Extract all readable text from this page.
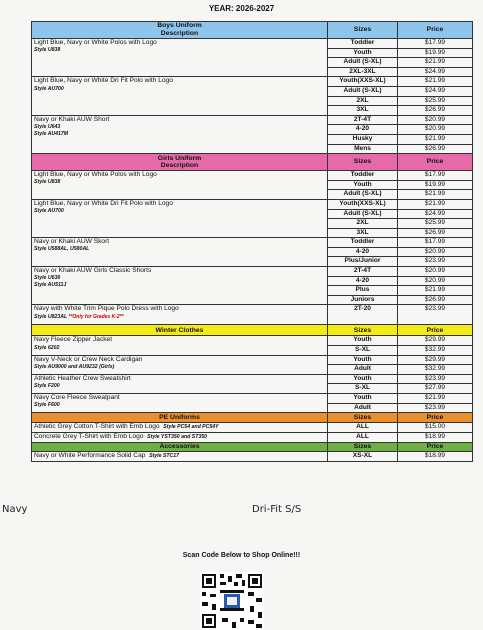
YEAR: 2026-2027
Boys Uniform
Description	Sizes	Price
Light Blue, Navy or White Polos with Logo
Style U838	Toddler	$17.99
	Youth	$19.99
	Adult (S-XL)	$21.99
	2XL-3XL	$24.99
Light Blue, Navy or White Dri Fit Polo with Logo
Style AU700	Youth(XXS-XL)	$21.99
	Adult (S-XL)	$24.99
	2XL	$25.99
	3XL	$26.99
Navy or Khaki AUW Short
Style U643
Style AU417M	2T-4T	$20.99
	4-20	$20.99
	Husky	$21.99
	Mens	$26.99
Girls Uniform
Description	Sizes	Price
Light Blue, Navy or White Polos with Logo
Style U838	Toddler	$17.99
	Youth	$19.99
	Adult (S-XL)	$21.99
Light Blue, Navy or White Dri Fit Polo with Logo
Style AU700	Youth(XXS-XL)	$21.99
	Adult (S-XL)	$24.99
	2XL	$25.99
	3XL	$26.99
Navy or Khaki AUW Skort
Style U588AL, U580AL	Toddler	$17.99
	4-20	$20.99
	Plus/Junior	$23.99
Navy or Khaki AUW Girls Classic Shorts
Style U636
Style AU511J	2T-4T	$20.99
	4-20	$20.99
	Plus	$21.99
	Juniors	$26.99
Navy with White Trim Pique Polo Dress with Logo
Style U823AL **Only for Grades K-2**	2T-20	$23.99
Winter Clothes	Sizes	Price
Navy Fleece Zipper Jacket
Style 6202	Youth	$29.99
	S-XL	$32.99
Navy V-Neck or Crew Neck Cardigan
Style AU9000 and AU9232 (Girls)	Youth	$29.99
	Adult	$32.99
Athletic Heather Crew Sweatshirt
Style F200	Youth	$23.99
	S-XL	$27.99
Navy Core Fleece Sweatpant
Style F600	Youth	$21.99
	Adult	$23.99
PE Uniforms	Sizes	Price
Athletic Grey Cotton T-Shirt with Emb Logo Style PC54 and PC54Y	ALL	$15.00
Concrete Grey T-Shirt with Emb Logo Style YST350 and ST350	ALL	$18.99
Accessories	Sizes	Price
Navy or White Performance Solid Cap Style STC17	XS-XL	$18.99
Navy	Dri-Fit S/S
Scan Code Below to Shop Online!!!
